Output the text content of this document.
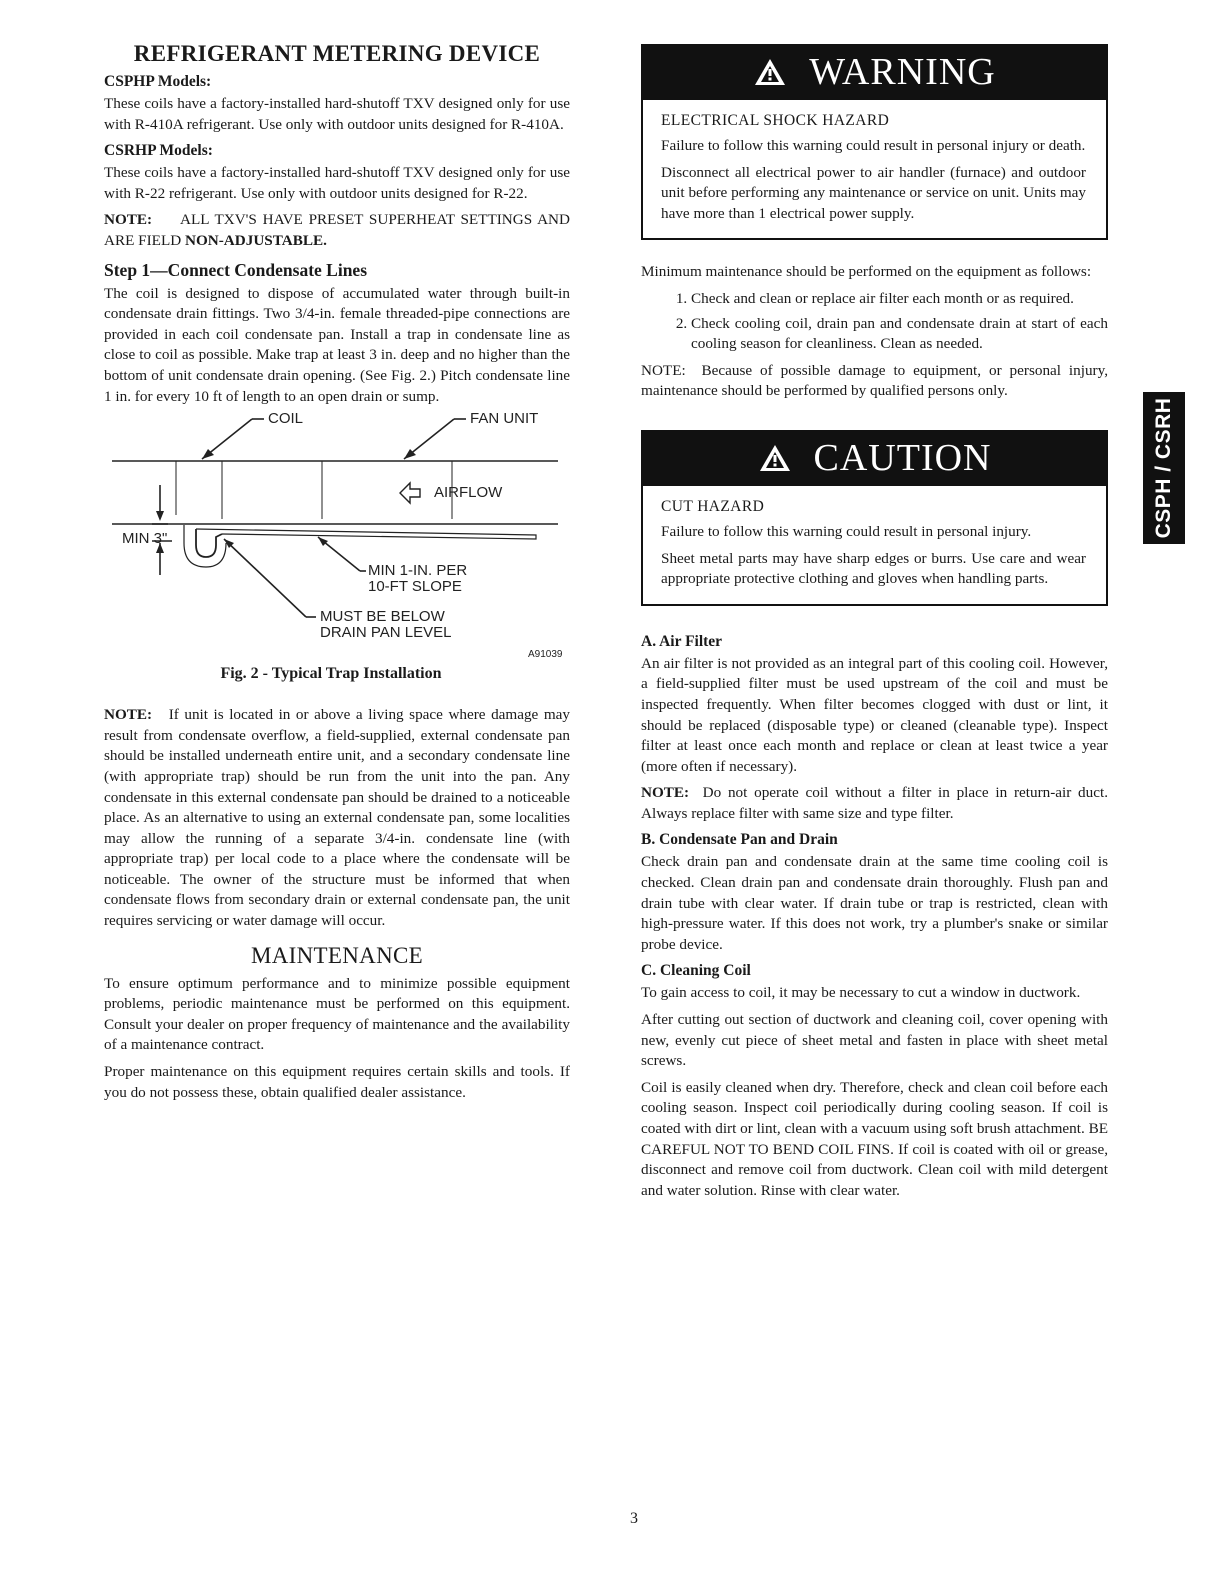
REFRIGERANT METERING DEVICE
CSPHP Models:

These coils have a factory-installed hard-shutoff TXV designed only for use with R-410A refrigerant. Use only with outdoor units designed for R-410A.

CSRHP Models:

These coils have a factory-installed hard-shutoff TXV designed only for use with R-22 refrigerant. Use only with outdoor units designed for R-22.

NOTE: ALL TXV'S HAVE PRESET SUPERHEAT SETTINGS AND ARE FIELD NON-ADJUSTABLE.

Step 1—Connect Condensate Lines

The coil is designed to dispose of accumulated water through built-in condensate drain fittings. Two 3/4-in. female threaded-pipe connections are provided in each coil condensate pan. Install a trap in condensate line as close to coil as possible. Make trap at least 3 in. deep and no higher than the bottom of unit condensate drain opening. (See Fig. 2.) Pitch condensate line 1 in. for every 10 ft of length to an open drain or sump.

COIL	FAN UNIT
AIRFLOW
MIN 3"
MIN 1-IN. PER
10-FT SLOPE
MUST BE BELOW
DRAIN PAN LEVEL
A91039
Fig. 2 - Typical Trap Installation

NOTE: If unit is located in or above a living space where damage may result from condensate overflow, a field-supplied, external condensate pan should be installed underneath entire unit, and a secondary condensate line (with appropriate trap) should be run from the unit into the pan. Any condensate in this external condensate pan should be drained to a noticeable place. As an alternative to using an external condensate pan, some localities may allow the running of a separate 3/4-in. condensate line (with appropriate trap) per local code to a place where the condensate will be noticeable. The owner of the structure must be informed that when condensate flows from secondary drain or external condensate pan, the unit requires servicing or water damage will occur.

MAINTENANCE

To ensure optimum performance and to minimize possible equipment problems, periodic maintenance must be performed on this equipment. Consult your dealer on proper frequency of maintenance and the availability of a maintenance contract.

Proper maintenance on this equipment requires certain skills and tools. If you do not possess these, obtain qualified dealer assistance.

WARNING
ELECTRICAL SHOCK HAZARD

Failure to follow this warning could result in personal injury or death.

Disconnect all electrical power to air handler (furnace) and outdoor unit before performing any maintenance or service on unit. Units may have more than 1 electrical power supply.

Minimum maintenance should be performed on the equipment as follows:

1. Check and clean or replace air filter each month or as required.
2. Check cooling coil, drain pan and condensate drain at start of each cooling season for cleanliness. Clean as needed.

NOTE: Because of possible damage to equipment, or personal injury, maintenance should be performed by qualified persons only.

CAUTION
CUT HAZARD

Failure to follow this warning could result in personal injury.

Sheet metal parts may have sharp edges or burrs. Use care and wear appropriate protective clothing and gloves when handling parts.

A. Air Filter

An air filter is not provided as an integral part of this cooling coil. However, a field-supplied filter must be used upstream of the coil and must be inspected frequently. When filter becomes clogged with dust or lint, it should be replaced (disposable type) or cleaned (cleanable type). Inspect filter at least once each month and replace or clean at least twice a year (more often if necessary).

NOTE: Do not operate coil without a filter in place in return-air duct. Always replace filter with same size and type filter.

B. Condensate Pan and Drain

Check drain pan and condensate drain at the same time cooling coil is checked. Clean drain pan and condensate drain thoroughly. Flush pan and drain tube with clear water. If drain tube or trap is restricted, clean with high-pressure water. If this does not work, try a plumber's snake or similar probe device.

C. Cleaning Coil

To gain access to coil, it may be necessary to cut a window in ductwork.

After cutting out section of ductwork and cleaning coil, cover opening with new, evenly cut piece of sheet metal and fasten in place with sheet metal screws.

Coil is easily cleaned when dry. Therefore, check and clean coil before each cooling season. Inspect coil periodically during cooling season. If coil is coated with dirt or lint, clean with a vacuum using soft brush attachment. BE CAREFUL NOT TO BEND COIL FINS. If coil is coated with oil or grease, disconnect and remove coil from ductwork. Clean coil with mild detergent and water solution. Rinse with clear water.

CSPH / CSRH
3
